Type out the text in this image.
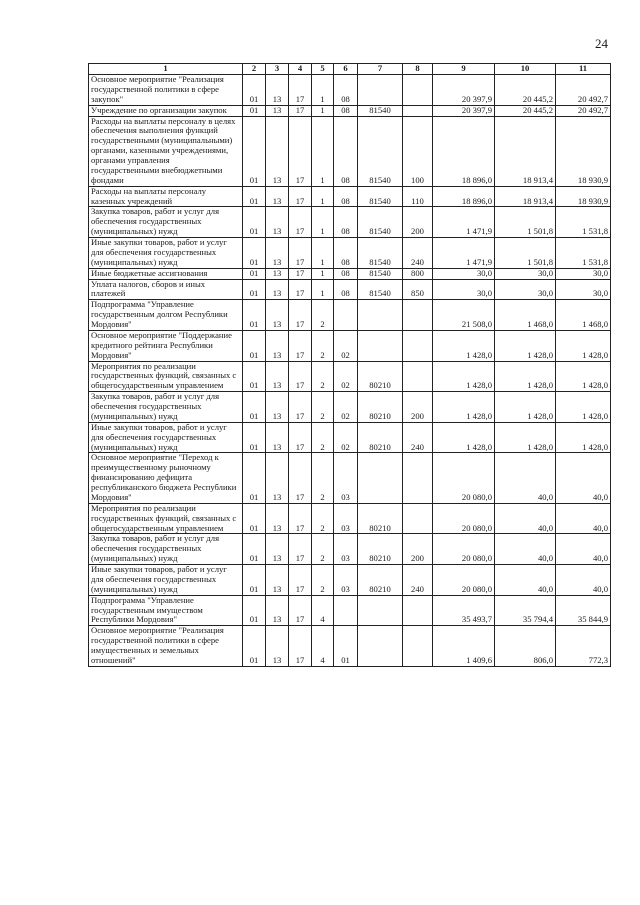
24
1	2	3	4	5	6	7	8	9	10	11
Основное мероприятие "Реализация государственной политики в сфере закупок"	01	13	17	1	08			20 397,9	20 445,2	20 492,7
Учреждение по организации закупок	01	13	17	1	08	81540		20 397,9	20 445,2	20 492,7
Расходы на выплаты персоналу в целях обеспечения выполнения функций государственными (муниципальными) органами, казенными учреждениями, органами управления государственными внебюджетными фондами	01	13	17	1	08	81540	100	18 896,0	18 913,4	18 930,9
Расходы на выплаты персоналу казенных учреждений	01	13	17	1	08	81540	110	18 896,0	18 913,4	18 930,9
Закупка товаров, работ и услуг для обеспечения государственных (муниципальных) нужд	01	13	17	1	08	81540	200	1 471,9	1 501,8	1 531,8
Иные закупки товаров, работ и услуг для обеспечения государственных (муниципальных) нужд	01	13	17	1	08	81540	240	1 471,9	1 501,8	1 531,8
Иные бюджетные ассигнования	01	13	17	1	08	81540	800	30,0	30,0	30,0
Уплата налогов, сборов и иных платежей	01	13	17	1	08	81540	850	30,0	30,0	30,0
Подпрограмма "Управление государственным долгом Республики Мордовия"	01	13	17	2				21 508,0	1 468,0	1 468,0
Основное мероприятие "Поддержание кредитного рейтинга Республики Мордовия"	01	13	17	2	02			1 428,0	1 428,0	1 428,0
Мероприятия по реализации государственных функций, связанных с общегосударственным управлением	01	13	17	2	02	80210		1 428,0	1 428,0	1 428,0
Закупка товаров, работ и услуг для обеспечения государственных (муниципальных) нужд	01	13	17	2	02	80210	200	1 428,0	1 428,0	1 428,0
Иные закупки товаров, работ и услуг для обеспечения государственных (муниципальных) нужд	01	13	17	2	02	80210	240	1 428,0	1 428,0	1 428,0
Основное мероприятие "Переход к преимущественному рыночному финансированию дефицита республиканского бюджета Республики Мордовия"	01	13	17	2	03			20 080,0	40,0	40,0
Мероприятия по реализации государственных функций, связанных с общегосударственным управлением	01	13	17	2	03	80210		20 080,0	40,0	40,0
Закупка товаров, работ и услуг для обеспечения государственных (муниципальных) нужд	01	13	17	2	03	80210	200	20 080,0	40,0	40,0
Иные закупки товаров, работ и услуг для обеспечения государственных (муниципальных) нужд	01	13	17	2	03	80210	240	20 080,0	40,0	40,0
Подпрограмма "Управление государственным имуществом Республики Мордовия"	01	13	17	4				35 493,7	35 794,4	35 844,9
Основное мероприятие "Реализация государственной политики в сфере имущественных и земельных отношений"	01	13	17	4	01			1 409,6	806,0	772,3
